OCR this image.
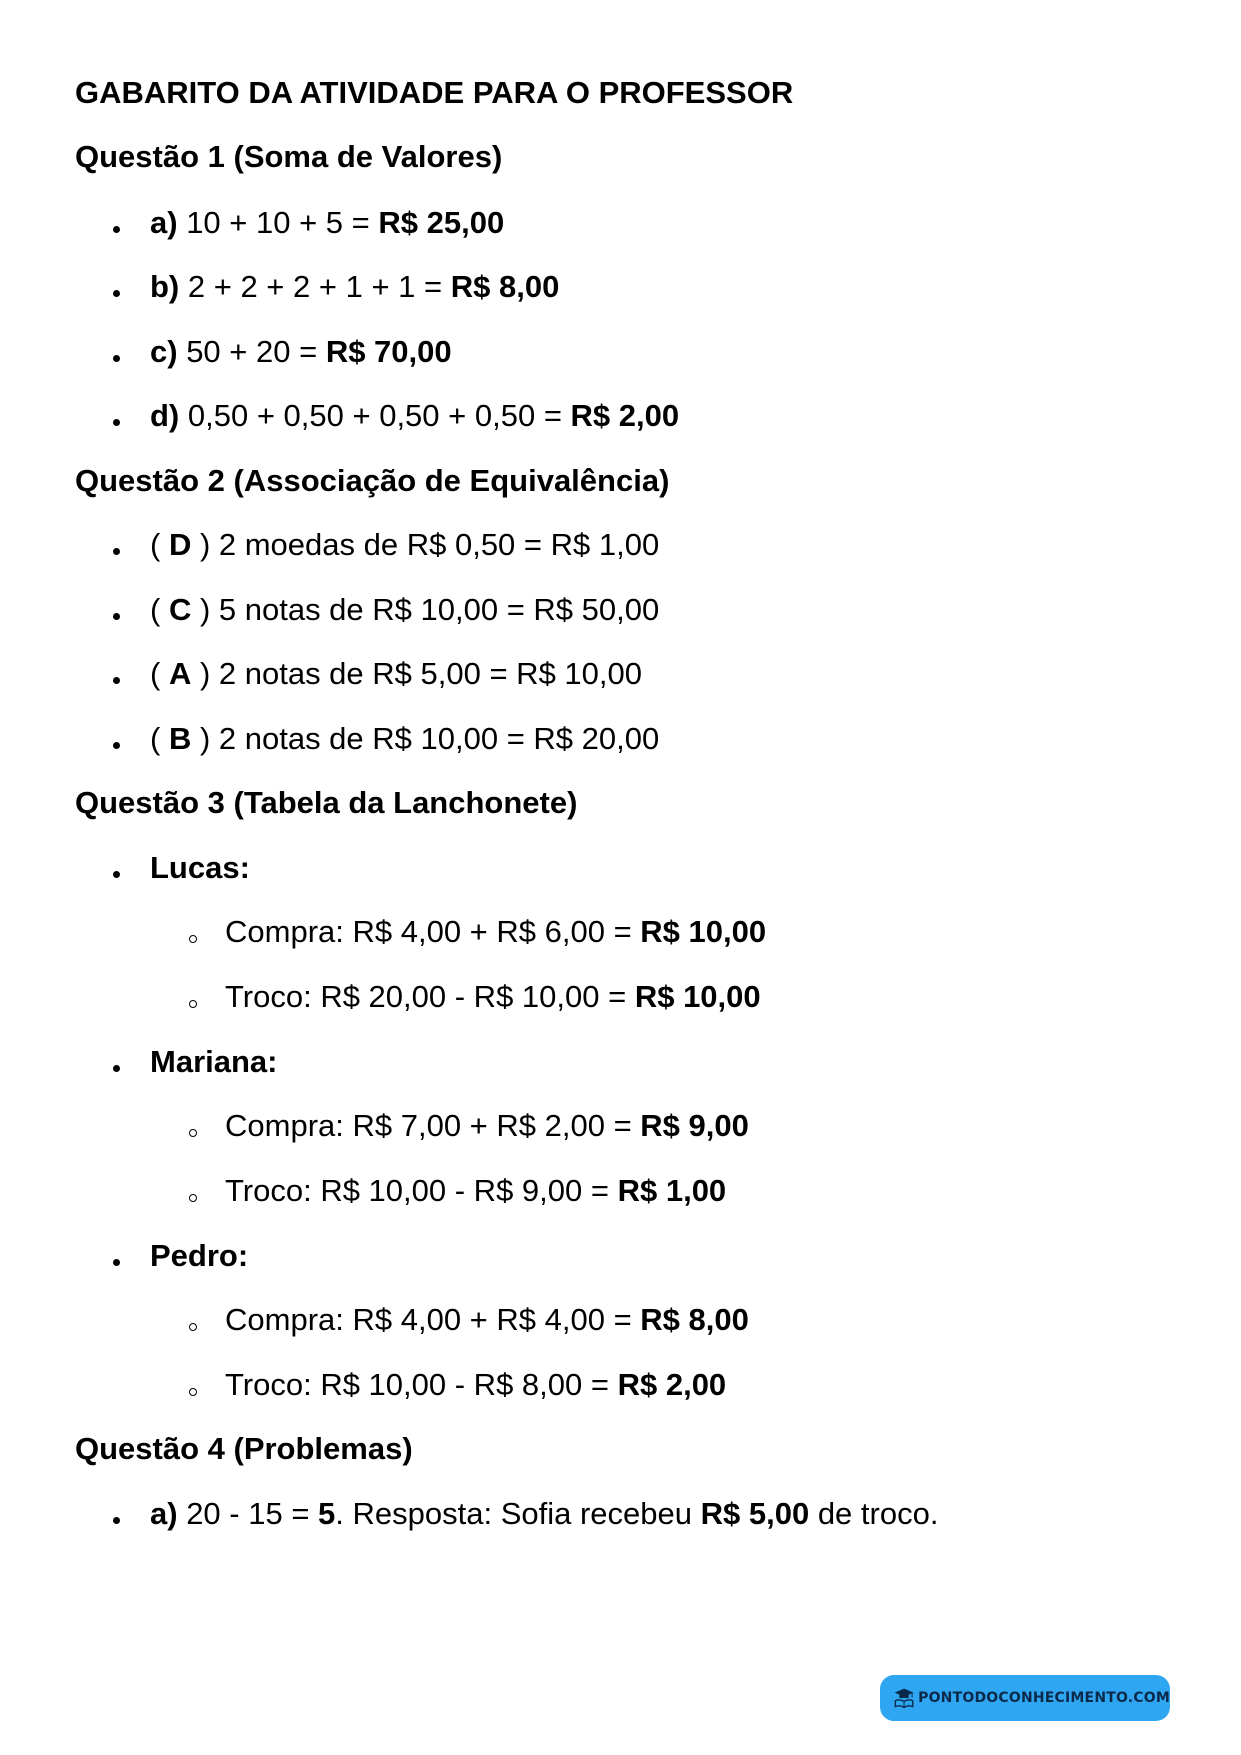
GABARITO DA ATIVIDADE PARA O PROFESSOR
Questão 1 (Soma de Valores)
a) 10 + 10 + 5 = R$ 25,00
b) 2 + 2 + 2 + 1 + 1 = R$ 8,00
c) 50 + 20 = R$ 70,00
d) 0,50 + 0,50 + 0,50 + 0,50 = R$ 2,00
Questão 2 (Associação de Equivalência)
( D ) 2 moedas de R$ 0,50 = R$ 1,00
( C ) 5 notas de R$ 10,00 = R$ 50,00
( A ) 2 notas de R$ 5,00 = R$ 10,00
( B ) 2 notas de R$ 10,00 = R$ 20,00
Questão 3 (Tabela da Lanchonete)
Lucas:
Compra: R$ 4,00 + R$ 6,00 = R$ 10,00
Troco: R$ 20,00 - R$ 10,00 = R$ 10,00
Mariana:
Compra: R$ 7,00 + R$ 2,00 = R$ 9,00
Troco: R$ 10,00 - R$ 9,00 = R$ 1,00
Pedro:
Compra: R$ 4,00 + R$ 4,00 = R$ 8,00
Troco: R$ 10,00 - R$ 8,00 = R$ 2,00
Questão 4 (Problemas)
a) 20 - 15 = 5. Resposta: Sofia recebeu R$ 5,00 de troco.
PONTODOCONHECIMENTO.COM
